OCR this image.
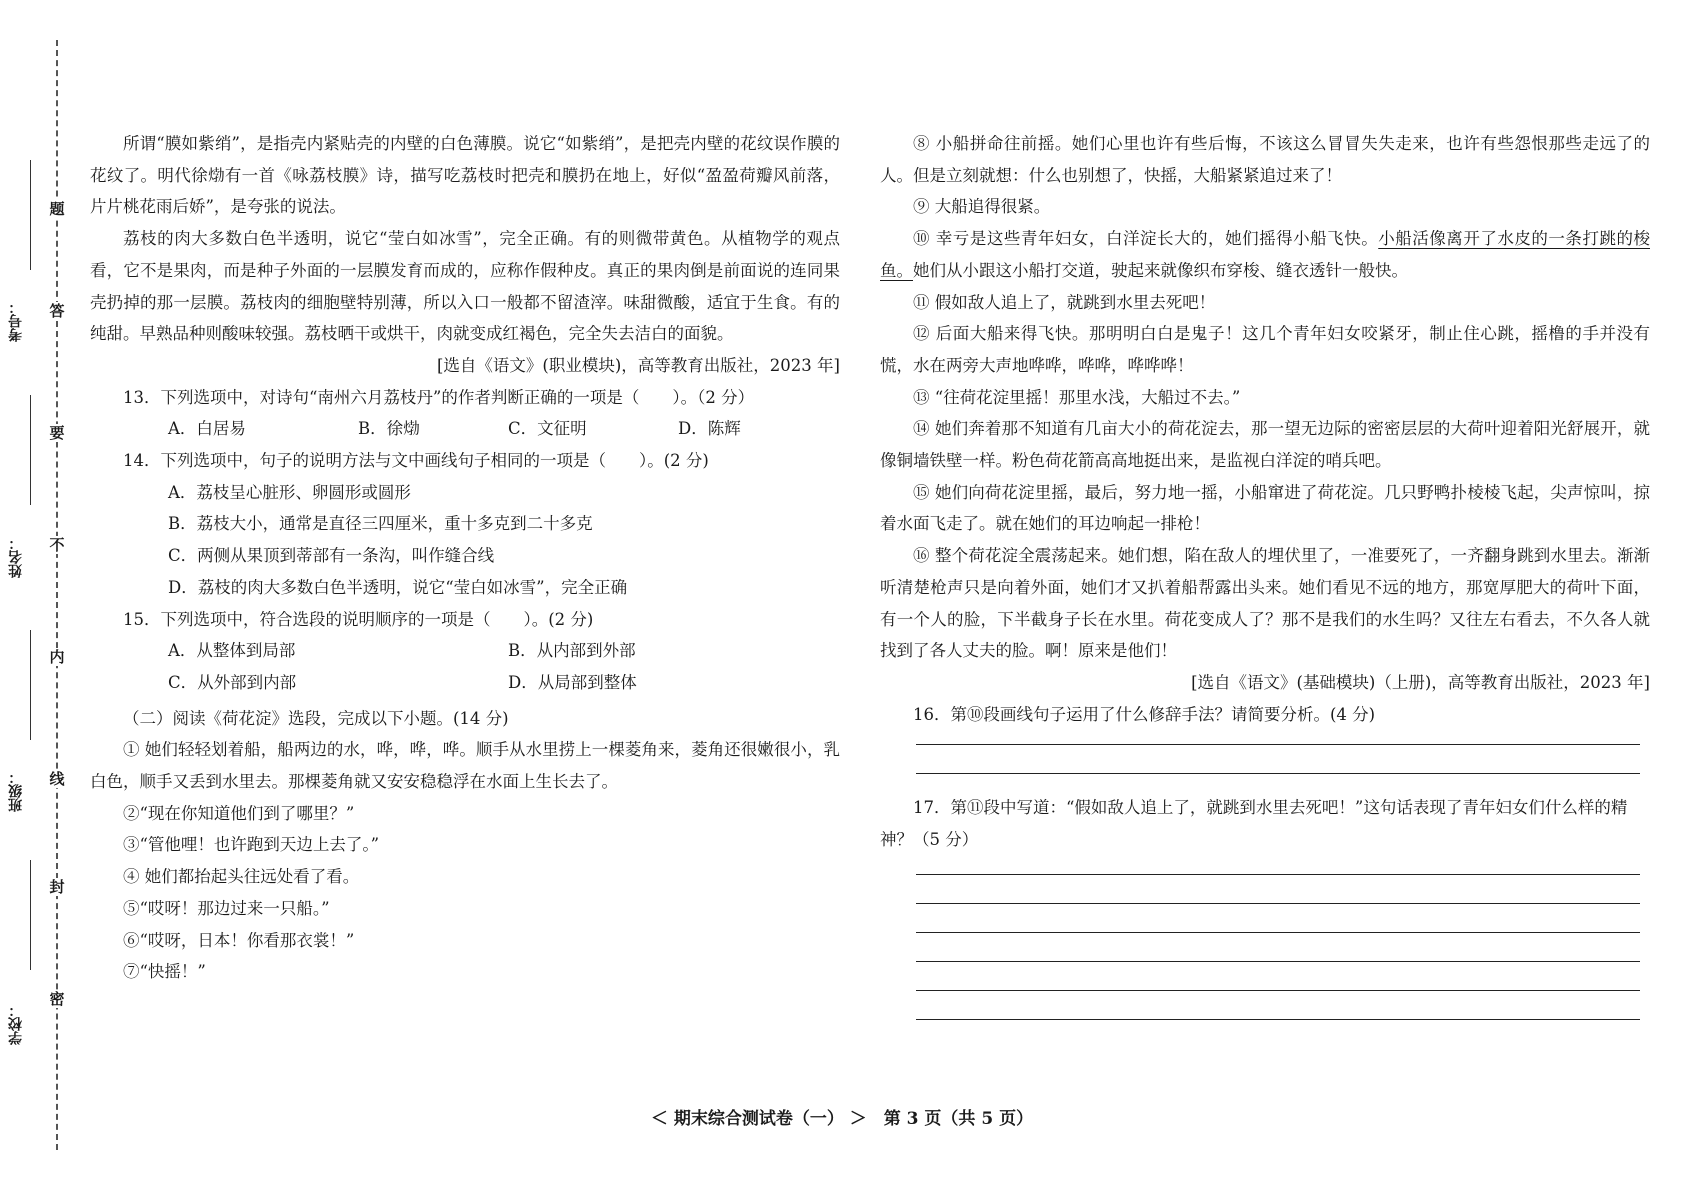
题
答
要
不
内
线
封
密
考号：
姓名：
班级：
学校：

所谓“膜如紫绡”，是指壳内紧贴壳的内壁的白色薄膜。说它“如紫绡”，是把壳内壁的花纹误作膜的花纹了。明代徐𤊹有一首《咏荔枝膜》诗，描写吃荔枝时把壳和膜扔在地上，好似“盈盈荷瓣风前落，片片桃花雨后娇”，是夸张的说法。

荔枝的肉大多数白色半透明，说它“莹白如冰雪”，完全正确。有的则微带黄色。从植物学的观点看，它不是果肉，而是种子外面的一层膜发育而成的，应称作假种皮。真正的果肉倒是前面说的连同果壳扔掉的那一层膜。荔枝肉的细胞壁特别薄，所以入口一般都不留渣滓。味甜微酸，适宜于生食。有的纯甜。早熟品种则酸味较强。荔枝晒干或烘干，肉就变成红褐色，完全失去洁白的面貌。

[选自《语文》(职业模块)，高等教育出版社，2023 年]

13．下列选项中，对诗句“南州六月荔枝丹”的作者判断正确的一项是（　　）。（2 分）

A．白居易	B．徐𤊹	C．文征明	D．陈辉

14．下列选项中，句子的说明方法与文中画线句子相同的一项是（　　）。(2 分)

A．荔枝呈心脏形、卵圆形或圆形

B．荔枝大小，通常是直径三四厘米，重十多克到二十多克

C．两侧从果顶到蒂部有一条沟，叫作缝合线

D．荔枝的肉大多数白色半透明，说它“莹白如冰雪”，完全正确

15．下列选项中，符合选段的说明顺序的一项是（　　）。(2 分)

A．从整体到局部	B．从内部到外部
C．从外部到内部	D．从局部到整体

（二）阅读《荷花淀》选段，完成以下小题。(14 分)

① 她们轻轻划着船，船两边的水，哗，哗，哗。顺手从水里捞上一棵菱角来，菱角还很嫩很小，乳白色，顺手又丢到水里去。那棵菱角就又安安稳稳浮在水面上生长去了。

②“现在你知道他们到了哪里？”

③“管他哩！也许跑到天边上去了。”

④ 她们都抬起头往远处看了看。

⑤“哎呀！那边过来一只船。”

⑥“哎呀，日本！你看那衣裳！”

⑦“快摇！”

⑧ 小船拼命往前摇。她们心里也许有些后悔，不该这么冒冒失失走来，也许有些怨恨那些走远了的人。但是立刻就想：什么也别想了，快摇，大船紧紧追过来了！

⑨ 大船追得很紧。

⑩ 幸亏是这些青年妇女，白洋淀长大的，她们摇得小船飞快。小船活像离开了水皮的一条打跳的梭鱼。她们从小跟这小船打交道，驶起来就像织布穿梭、缝衣透针一般快。

⑪ 假如敌人追上了，就跳到水里去死吧！

⑫ 后面大船来得飞快。那明明白白是鬼子！这几个青年妇女咬紧牙，制止住心跳，摇橹的手并没有慌，水在两旁大声地哗哗，哗哗，哗哗哗！

⑬ “往荷花淀里摇！那里水浅，大船过不去。”

⑭ 她们奔着那不知道有几亩大小的荷花淀去，那一望无边际的密密层层的大荷叶迎着阳光舒展开，就像铜墙铁壁一样。粉色荷花箭高高地挺出来，是监视白洋淀的哨兵吧。

⑮ 她们向荷花淀里摇，最后，努力地一摇，小船窜进了荷花淀。几只野鸭扑棱棱飞起，尖声惊叫，掠着水面飞走了。就在她们的耳边响起一排枪！

⑯ 整个荷花淀全震荡起来。她们想，陷在敌人的埋伏里了，一准要死了，一齐翻身跳到水里去。渐渐听清楚枪声只是向着外面，她们才又扒着船帮露出头来。她们看见不远的地方，那宽厚肥大的荷叶下面，有一个人的脸，下半截身子长在水里。荷花变成人了？那不是我们的水生吗？又往左右看去，不久各人就找到了各人丈夫的脸。啊！原来是他们！

[选自《语文》(基础模块)（上册)，高等教育出版社，2023 年]

16．第⑩段画线句子运用了什么修辞手法？请简要分析。(4 分)

17．第⑪段中写道：“假如敌人追上了，就跳到水里去死吧！”这句话表现了青年妇女们什么样的精神？（5 分）

＜ 期末综合测试卷（一） ＞　第 3 页（共 5 页）
